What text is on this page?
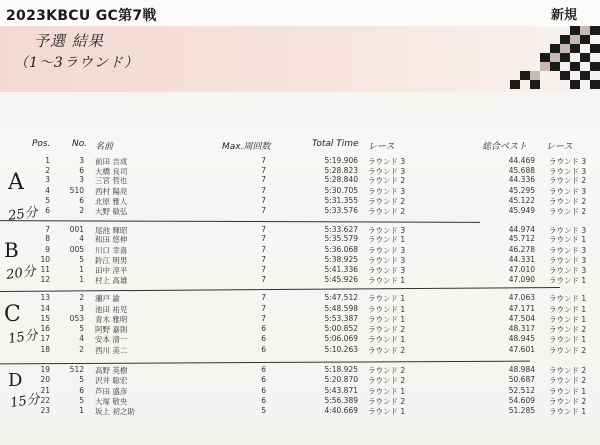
2023KBCU GC第7戦	新規
予選 結果
（1〜3ラウンド）
Pos. No. 名前	Max.周回数	Total Time レース	総合ベスト レース
1	3 前田 吉成	7	5:19.906 ラウンド 3	44.469 ラウンド 3
2	6 大橋 良司	7	5:28.823 ラウンド 3	45.688 ラウンド 3
3	3 三宮 哲也	7	5:28.840 ラウンド 2	44.336 ラウンド 2
4	510 西村 陽亮	7	5:30.705 ラウンド 3	45.295 ラウンド 3
5	6 北原 雅人	7	5:31.355 ラウンド 2	45.122 ラウンド 2
6	2 大野 敏弘	7	5:33.576 ラウンド 2	45.949 ラウンド 2
7	001 尾池 輝昭	7	5:33.627 ラウンド 3	44.974 ラウンド 3
8	4 和田 悠伸	7	5:35.579 ラウンド 1	45.712 ラウンド 1
9	005 川口 幸喜	7	5:36.068 ラウンド 3	46.278 ラウンド 3
10	5 鈴江 明男	7	5:38.925 ラウンド 3	44.331 ラウンド 3
11	1 田中 淳平	7	5:41.336 ラウンド 3	47.010 ラウンド 3
12	1 村上 高雄	7	5:45.926 ラウンド 1	47.090 ラウンド 1
13	2 瀬戸 諭	7	5:47.512 ラウンド 1	47.063 ラウンド 1
14	3 池田 祐児	7	5:48.598 ラウンド 1	47.171 ラウンド 1
15	053 青木 雅明	7	5:53.387 ラウンド 1	47.504 ラウンド 1
16	5 阿野 嘉則	6	5:00.852 ラウンド 2	48.317 ラウンド 2
17	4 安本 清一	6	5:06.069 ラウンド 1	48.945 ラウンド 1
18	2 西川 美二	6	5:10.263 ラウンド 2	47.601 ラウンド 2
19	512 高野 英樹	6	5:18.925 ラウンド 2	48.984 ラウンド 2
20	5 沢井 聡宏	6	5:20.870 ラウンド 2	50.687 ラウンド 2
21	6 芦田 盛彦	6	5:43.871 ラウンド 1	52.512 ラウンド 1
22	5 大塚 敬央	6	5:56.389 ラウンド 2	54.609 ラウンド 2
23	1 坂上 初之助	5	4:40.669 ラウンド 1	51.285 ラウンド 1
A
25分
B
20分
C
15分
D
15分
